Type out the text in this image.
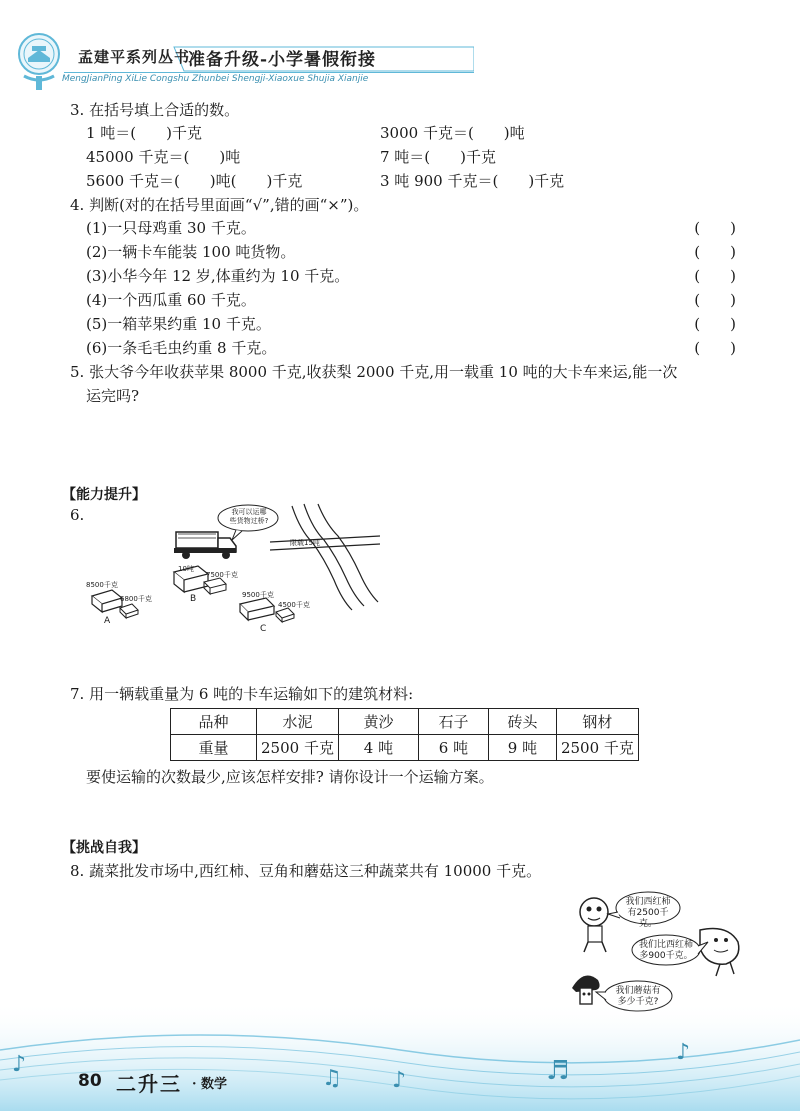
孟建平系列丛书
准备升级-小学暑假衔接
MengJianPing XiLie Congshu Zhunbei Shengji-Xiaoxue Shujia Xianjie
3. 在括号填上合适的数。
1 吨＝(　　)千克	3000 千克＝(　　)吨
45000 千克＝(　　)吨	7 吨＝(　　)千克
5600 千克＝(　　)吨(　　)千克	3 吨 900 千克＝(　　)千克
4. 判断(对的在括号里面画“√”,错的画“×”)。
(1)一只母鸡重 30 千克。	(　　)
(2)一辆卡车能装 100 吨货物。	(　　)
(3)小华今年 12 岁,体重约为 10 千克。	(　　)
(4)一个西瓜重 60 千克。	(　　)
(5)一箱苹果约重 10 千克。	(　　)
(6)一条毛毛虫约重 8 千克。	(　　)
5. 张大爷今年收获苹果 8000 千克,收获梨 2000 千克,用一载重 10 吨的大卡车来运,能一次
运完吗?
【能力提升】
6.	我可以运哪
些货物过桥?
限载15吨
8500千克
6800千克
A
10吨
7500千克
B	9500千克
4500千克
C
7. 用一辆载重量为 6 吨的卡车运输如下的建筑材料:
品种	水泥	黄沙	石子	砖头	钢材
重量	2500 千克	4 吨	6 吨	9 吨	2500 千克
要使运输的次数最少,应该怎样安排? 请你设计一个运输方案。
【挑战自我】
8. 蔬菜批发市场中,西红柿、豆角和蘑菇这三种蔬菜共有 10000 千克。
我们西红柿
有2500千克。
我们比西红柿
多900千克。
我们蘑菇有
♪
♫ ♪	♬
♪
80 二升三 · 数学
